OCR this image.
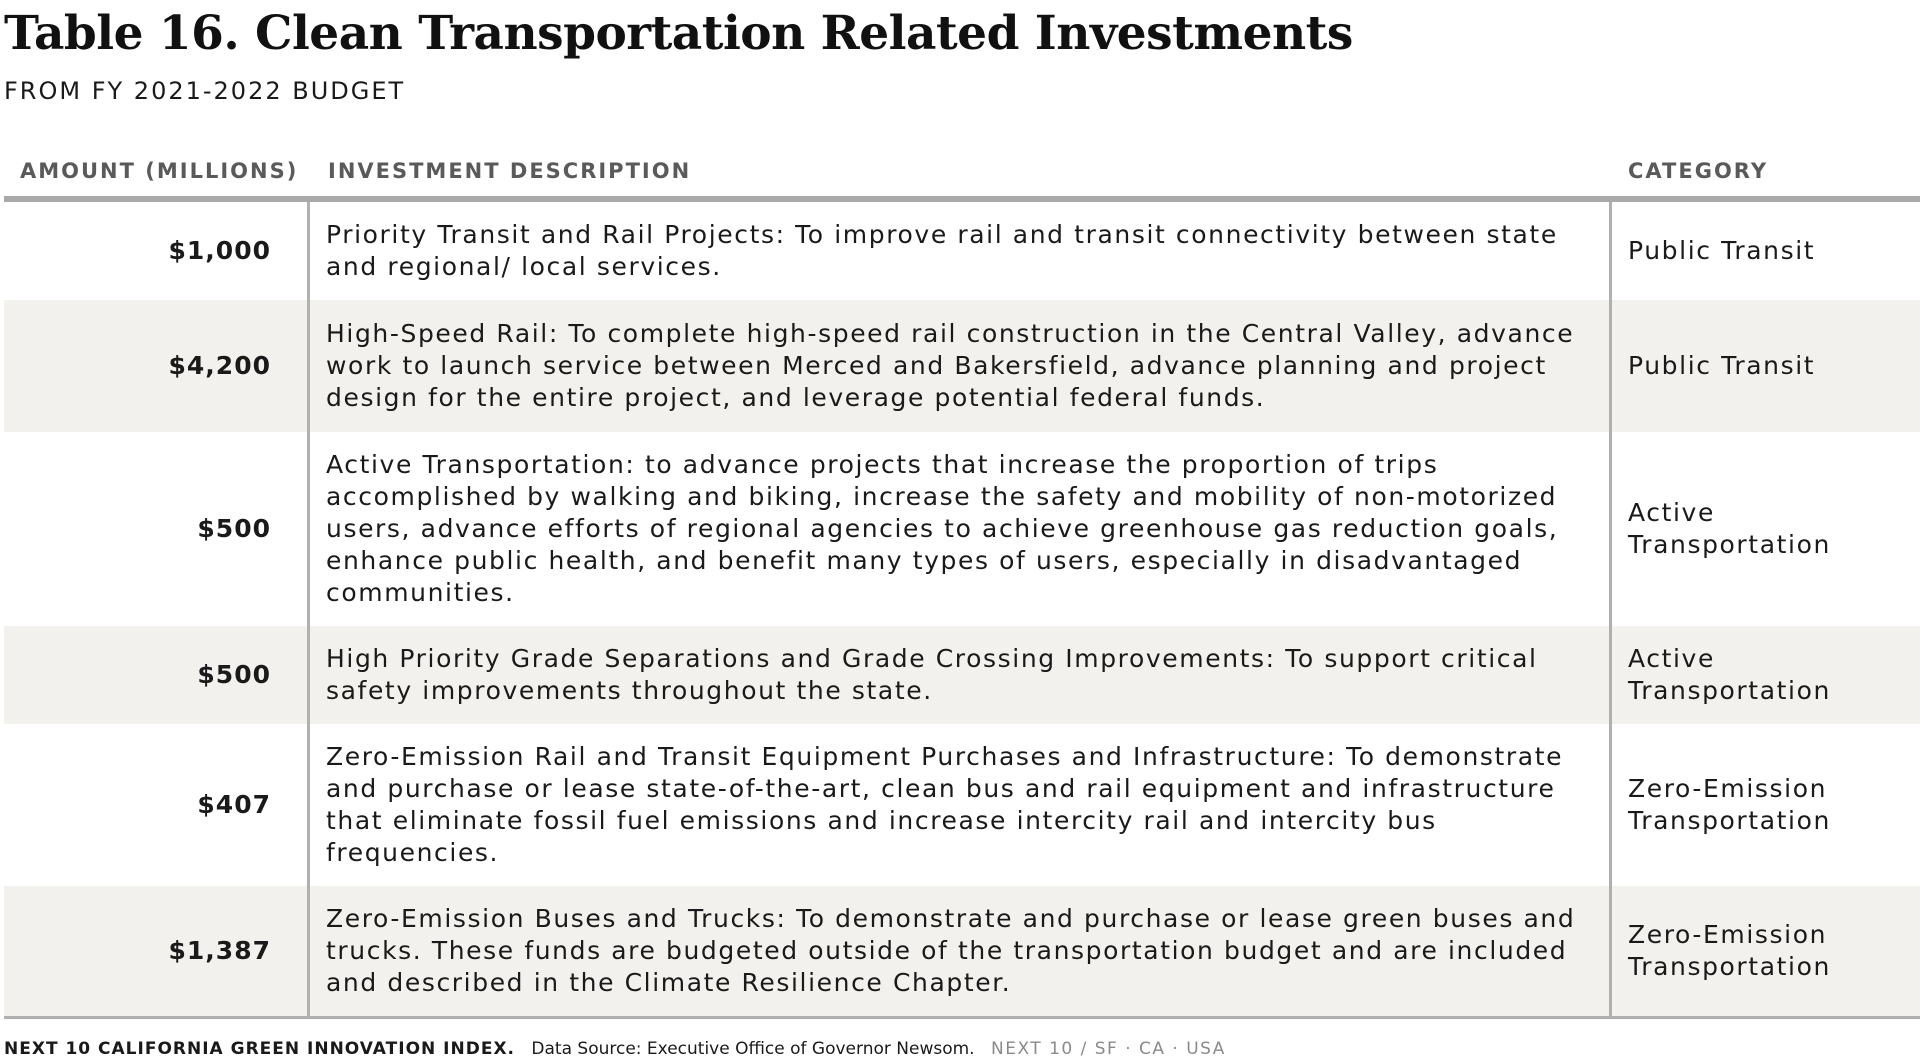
Table 16. Clean Transportation Related Investments
FROM FY 2021-2022 BUDGET
AMOUNT (MILLIONS)	INVESTMENT DESCRIPTION	CATEGORY
$1,000
Priority Transit and Rail Projects: To improve rail and transit connectivity between state and regional/ local services.
Public Transit
$4,200
High-Speed Rail: To complete high-speed rail construction in the Central Valley, advance work to launch service between Merced and Bakersfield, advance planning and project design for the entire project, and leverage potential federal funds.
Public Transit
$500
Active Transportation: to advance projects that increase the proportion of trips accomplished by walking and biking, increase the safety and mobility of non-motorized users, advance efforts of regional agencies to achieve greenhouse gas reduction goals, enhance public health, and benefit many types of users, especially in disadvantaged communities.
Active Transportation
$500
High Priority Grade Separations and Grade Crossing Improvements: To support critical safety improvements throughout the state.
Active Transportation
$407
Zero-Emission Rail and Transit Equipment Purchases and Infrastructure: To demonstrate and purchase or lease state-of-the-art, clean bus and rail equipment and infrastructure that eliminate fossil fuel emissions and increase intercity rail and intercity bus frequencies.
Zero-Emission Transportation
$1,387
Zero-Emission Buses and Trucks: To demonstrate and purchase or lease green buses and trucks. These funds are budgeted outside of the transportation budget and are included and described in the Climate Resilience Chapter.
Zero-Emission Transportation
NEXT 10 CALIFORNIA GREEN INNOVATION INDEX. Data Source: Executive Office of Governor Newsom. NEXT 10 / SF · CA · USA
